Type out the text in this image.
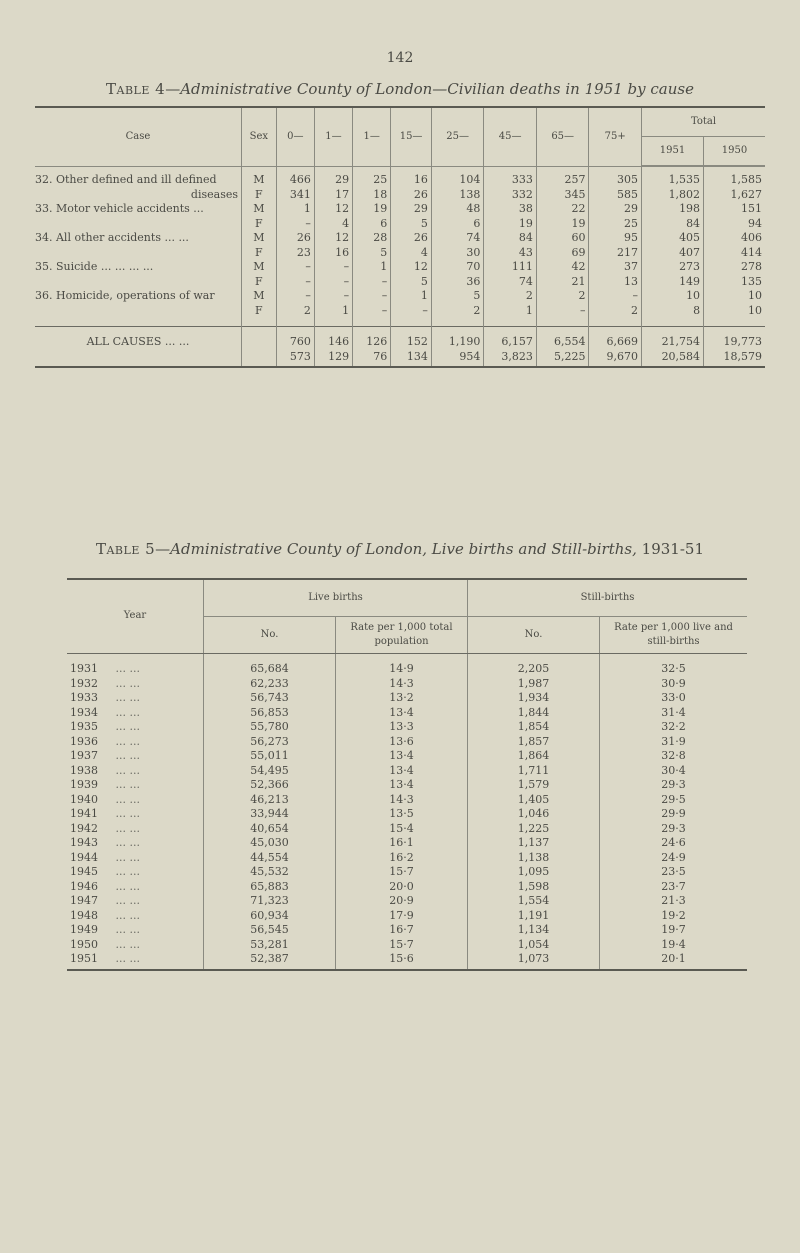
142
Table 4—Administrative County of London—Civilian deaths in 1951 by cause
Case	Sex	0—	1—	1—	15—	25—	45—	65—	75+	Total	
										1951	1950

32. Other defined and ill defined	M	466	29	25	16	104	333	257	305	1,535	1,585
diseases	F	341	17	18	26	138	332	345	585	1,802	1,627
33. Motor vehicle accidents ...	M	1	12	19	29	48	38	22	29	198	151
	F	–	4	6	5	6	19	19	25	84	94
34. All other accidents ... ...	M	26	12	28	26	74	84	60	95	405	406
	F	23	16	5	4	30	43	69	217	407	414
35. Suicide ... ... ... ...	M	–	–	1	12	70	111	42	37	273	278
	F	–	–	–	5	36	74	21	13	149	135
36. Homicide, operations of war	M	–	–	–	1	5	2	2	–	10	10
	F	2	1	–	–	2	1	–	2	8	10
ALL CAUSES ... ...		760	146	126	152	1,190	6,157	6,554	6,669	21,754	19,773
		573	129	76	134	954	3,823	5,225	9,670	20,584	18,579
Table 5—Administrative County of London, Live births and Still-births, 1931-51
Year	Live births		Still-births	
	No.	Rate per 1,000 total population	No.	Rate per 1,000 live and still-births
1931 ... ...	65,684	14·9	2,205	32·5
1932 ... ...	62,233	14·3	1,987	30·9
1933 ... ...	56,743	13·2	1,934	33·0
1934 ... ...	56,853	13·4	1,844	31·4
1935 ... ...	55,780	13·3	1,854	32·2
1936 ... ...	56,273	13·6	1,857	31·9
1937 ... ...	55,011	13·4	1,864	32·8
1938 ... ...	54,495	13·4	1,711	30·4
1939 ... ...	52,366	13·4	1,579	29·3
1940 ... ...	46,213	14·3	1,405	29·5
1941 ... ...	33,944	13·5	1,046	29·9
1942 ... ...	40,654	15·4	1,225	29·3
1943 ... ...	45,030	16·1	1,137	24·6
1944 ... ...	44,554	16·2	1,138	24·9
1945 ... ...	45,532	15·7	1,095	23·5
1946 ... ...	65,883	20·0	1,598	23·7
1947 ... ...	71,323	20·9	1,554	21·3
1948 ... ...	60,934	17·9	1,191	19·2
1949 ... ...	56,545	16·7	1,134	19·7
1950 ... ...	53,281	15·7	1,054	19·4
1951 ... ...	52,387	15·6	1,073	20·1
